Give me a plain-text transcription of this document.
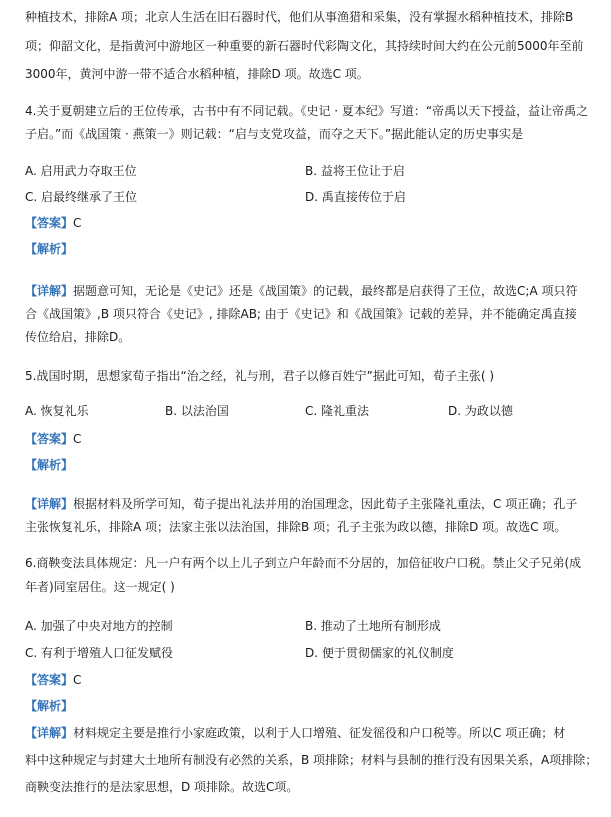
种植技术，排除A 项；北京人生活在旧石器时代，他们从事渔猎和采集，没有掌握水稻种植技术，排除B
项；仰韶文化，是指黄河中游地区一种重要的新石器时代彩陶文化，其持续时间大约在公元前5000年至前
3000年，黄河中游一带不适合水稻种植，排除D 项。故选C 项。
4.关于夏朝建立后的王位传承，古书中有不同记载。《史记 · 夏本纪》写道：“帝禹以天下授益，益让帝禹之
子启。”而《战国策 · 燕策一》则记载：“启与支党攻益，而夺之天下。”据此能认定的历史事实是
A. 启用武力夺取王位	B. 益将王位让于启
C. 启最终继承了王位	D. 禹直接传位于启
【答案】C
【解析】
【详解】据题意可知，无论是《史记》还是《战国策》的记载，最终都是启获得了王位，故选C;A 项只符
合《战国策》,B 项只符合《史记》, 排除AB; 由于《史记》和《战国策》记载的差异，并不能确定禹直接
传位给启，排除D。
5.战国时期，思想家荀子指出“治之经，礼与刑，君子以修百姓宁”据此可知，荀子主张( )
A. 恢复礼乐	B. 以法治国	C. 隆礼重法	D. 为政以德
【答案】C
【解析】
【详解】根据材料及所学可知，荀子提出礼法并用的治国理念，因此荀子主张隆礼重法，C 项正确；孔子
主张恢复礼乐，排除A 项；法家主张以法治国，排除B 项；孔子主张为政以德，排除D 项。故选C 项。
6.商鞅变法具体规定：凡一户有两个以上儿子到立户年龄而不分居的，加倍征收户口税。禁止父子兄弟(成
年者)同室居住。这一规定( )
A. 加强了中央对地方的控制	B. 推动了土地所有制形成
C. 有利于增殖人口征发赋役	D. 便于贯彻儒家的礼仪制度
【答案】C
【解析】
【详解】材料规定主要是推行小家庭政策，以利于人口增殖、征发徭役和户口税等。所以C 项正确；材
料中这种规定与封建大土地所有制没有必然的关系，B 项排除；材料与县制的推行没有因果关系，A项排除；
商鞅变法推行的是法家思想，D 项排除。故选C项。
